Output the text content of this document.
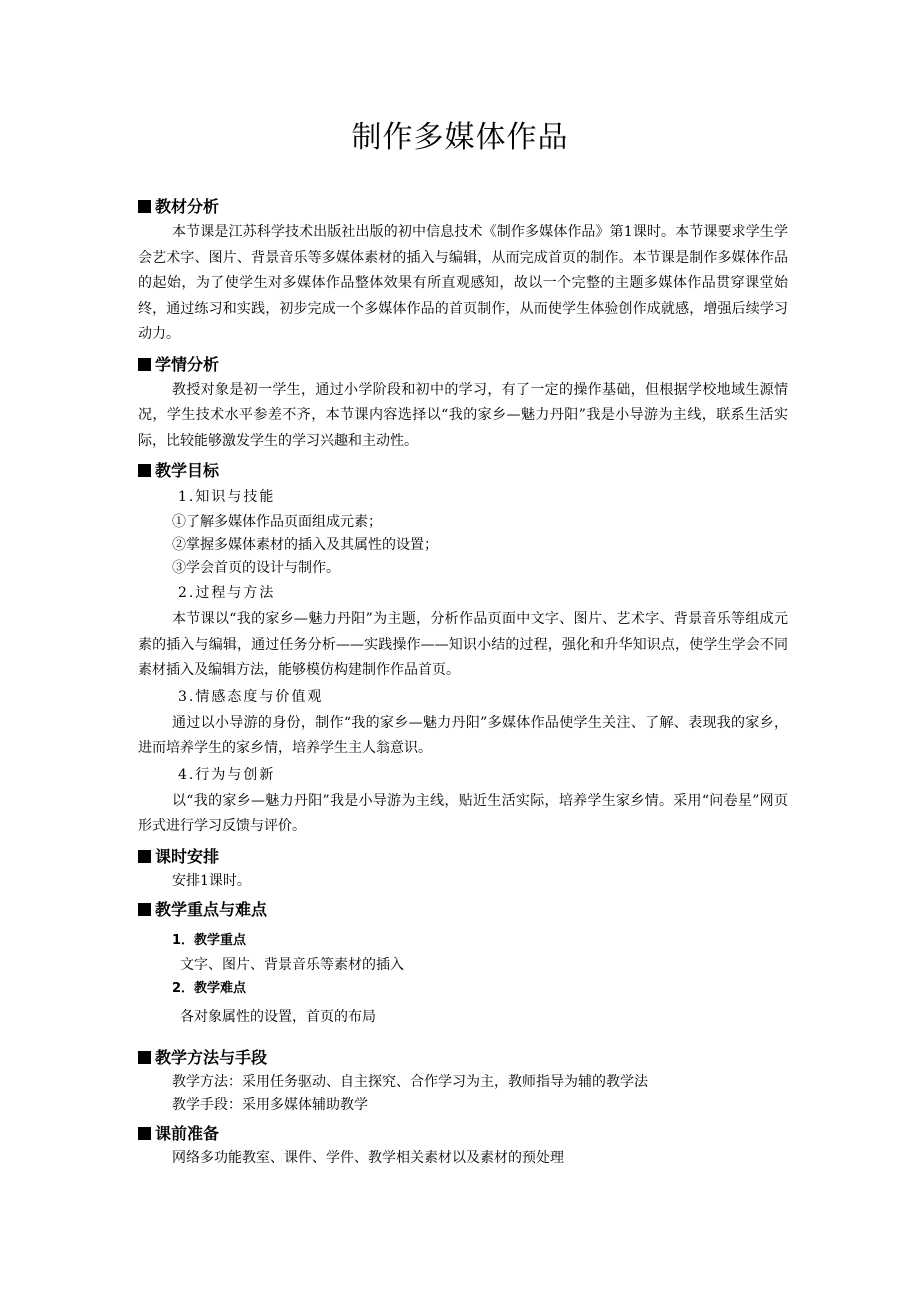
制作多媒体作品
教材分析

本节课是江苏科学技术出版社出版的初中信息技术《制作多媒体作品》第1课时。本节课要求学生学会艺术字、图片、背景音乐等多媒体素材的插入与编辑，从而完成首页的制作。本节课是制作多媒体作品的起始，为了使学生对多媒体作品整体效果有所直观感知，故以一个完整的主题多媒体作品贯穿课堂始终，通过练习和实践，初步完成一个多媒体作品的首页制作，从而使学生体验创作成就感，增强后续学习动力。

学情分析

教授对象是初一学生，通过小学阶段和初中的学习，有了一定的操作基础，但根据学校地域生源情况，学生技术水平参差不齐，本节课内容选择以“我的家乡—魅力丹阳”我是小导游为主线，联系生活实际，比较能够激发学生的学习兴趣和主动性。

教学目标
1.知识与技能
①了解多媒体作品页面组成元素；
②掌握多媒体素材的插入及其属性的设置；
③学会首页的设计与制作。
2.过程与方法

本节课以“我的家乡—魅力丹阳”为主题，分析作品页面中文字、图片、艺术字、背景音乐等组成元素的插入与编辑，通过任务分析——实践操作——知识小结的过程，强化和升华知识点，使学生学会不同素材插入及编辑方法，能够模仿构建制作作品首页。

3.情感态度与价值观

通过以小导游的身份，制作“我的家乡—魅力丹阳”多媒体作品使学生关注、了解、表现我的家乡，进而培养学生的家乡情，培养学生主人翁意识。

4.行为与创新

以“我的家乡—魅力丹阳”我是小导游为主线，贴近生活实际，培养学生家乡情。采用“问卷星”网页形式进行学习反馈与评价。

课时安排
安排1课时。
教学重点与难点
1．教学重点
文字、图片、背景音乐等素材的插入
2．教学难点
各对象属性的设置，首页的布局
教学方法与手段
教学方法：采用任务驱动、自主探究、合作学习为主，教师指导为辅的教学法
教学手段：采用多媒体辅助教学
课前准备
网络多功能教室、课件、学件、教学相关素材以及素材的预处理
